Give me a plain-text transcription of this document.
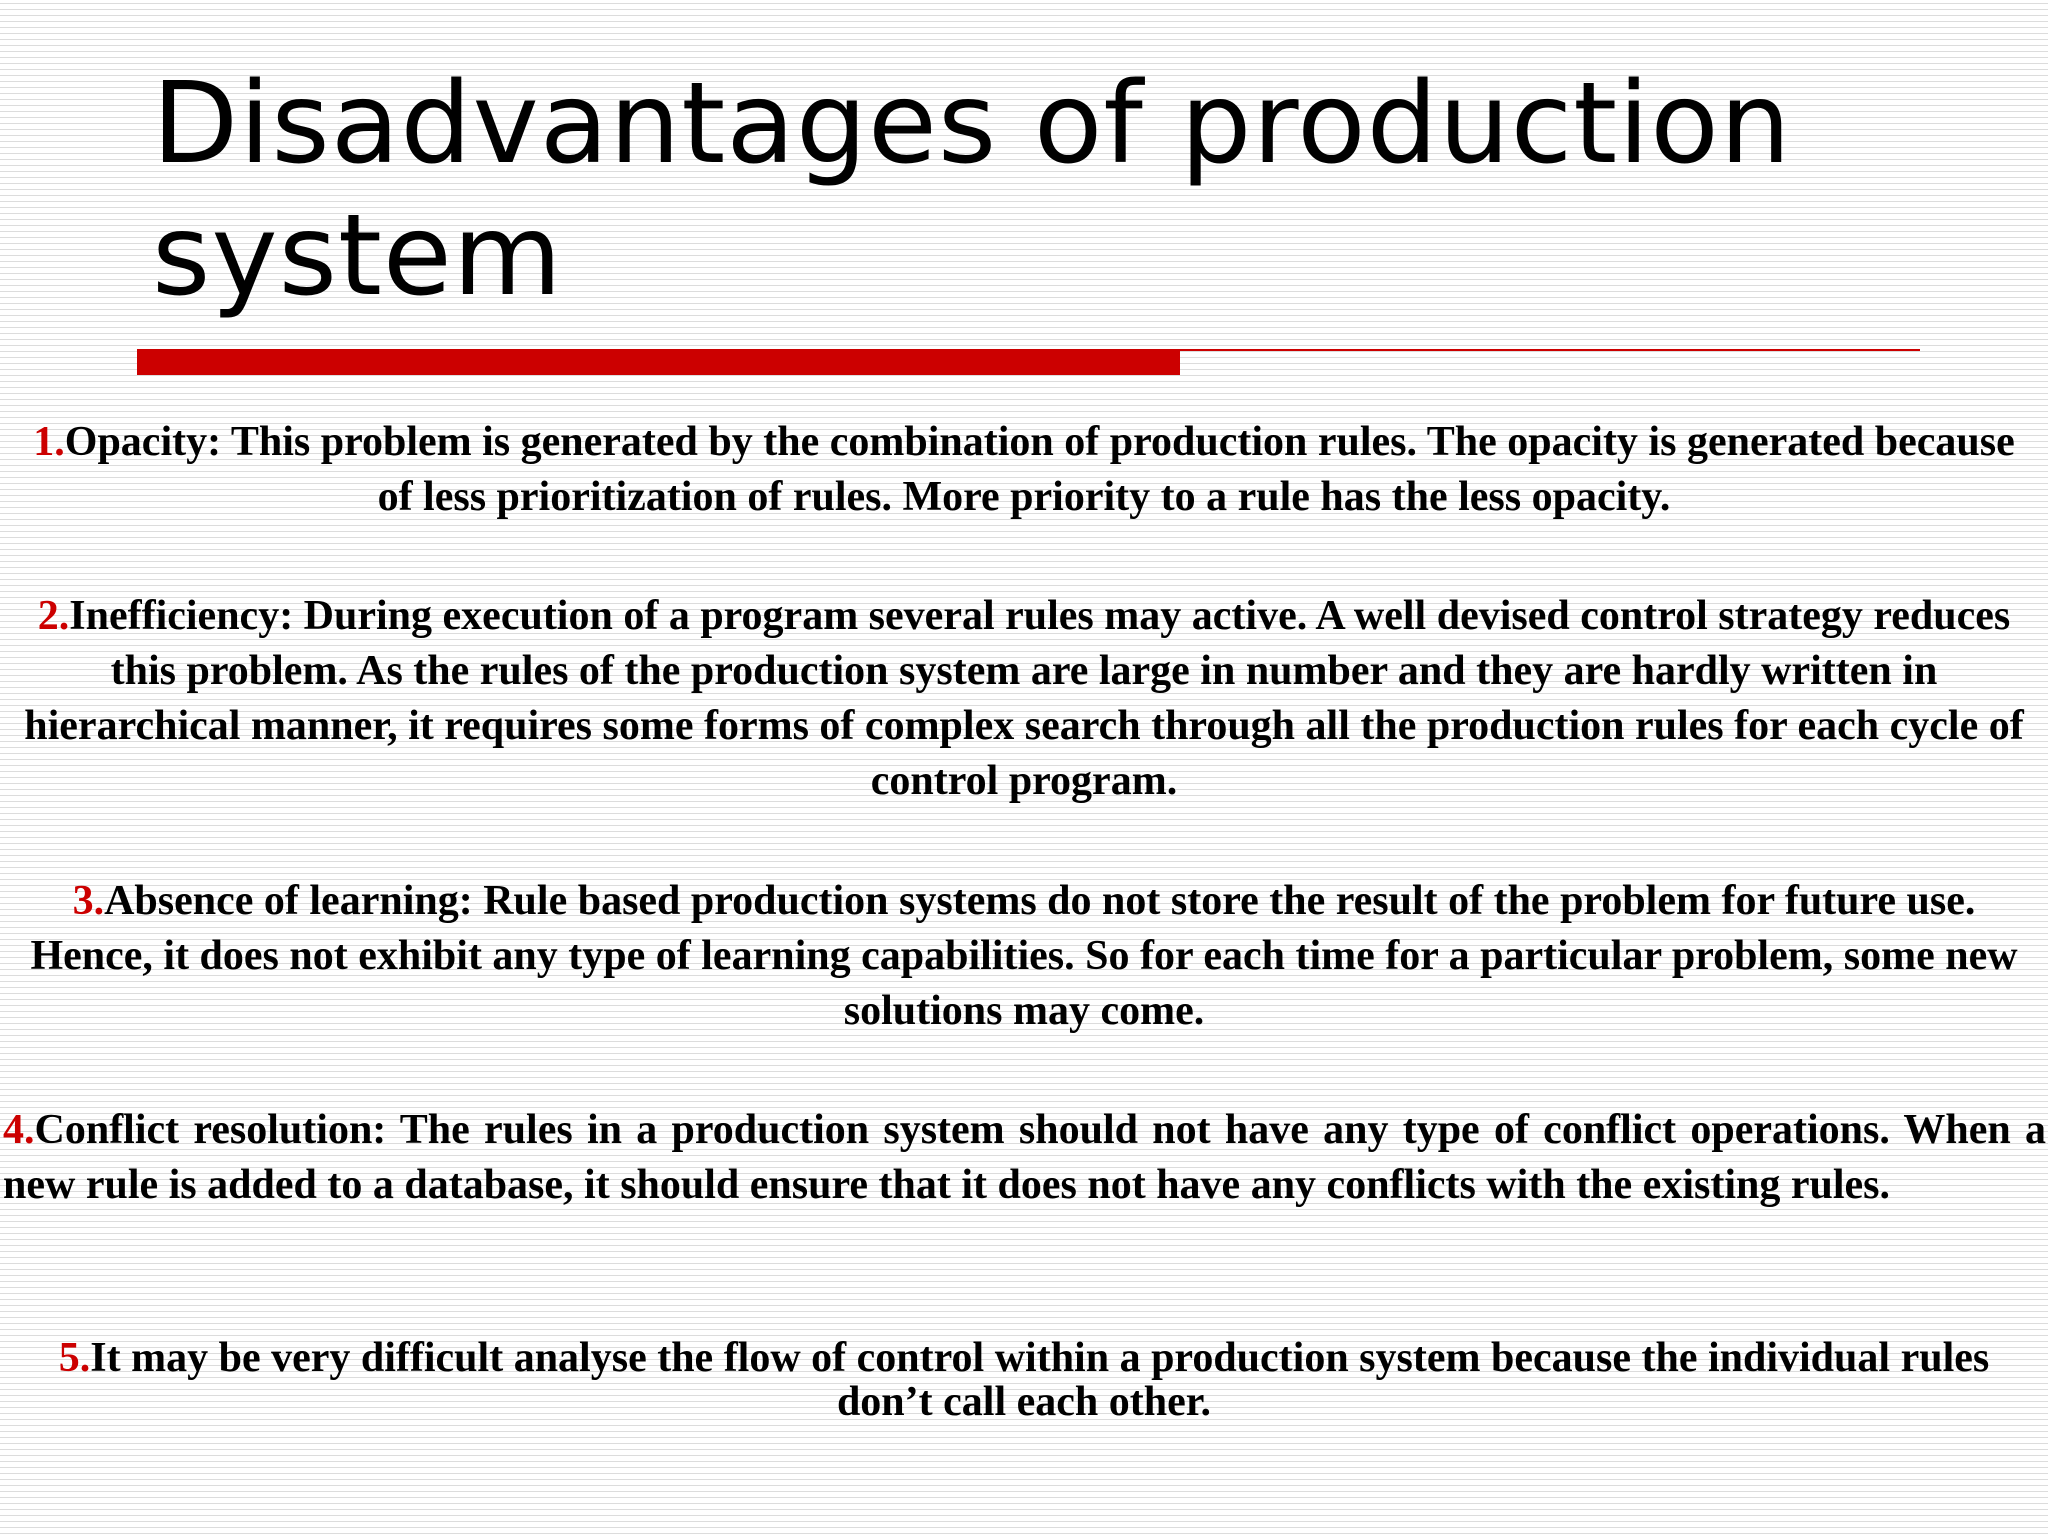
Disadvantages of production system

1.Opacity: This problem is generated by the combination of production rules. The opacity is generated because of less prioritization of rules. More priority to a rule has the less opacity.

2.Inefficiency: During execution of a program several rules may active. A well devised control strategy reduces this problem. As the rules of the production system are large in number and they are hardly written in hierarchical manner, it requires some forms of complex search through all the production rules for each cycle of control program.

3.Absence of learning: Rule based production systems do not store the result of the problem for future use. Hence, it does not exhibit any type of learning capabilities. So for each time for a particular problem, some new solutions may come.

4.Conflict resolution: The rules in a production system should not have any type of conflict operations. When a new rule is added to a database, it should ensure that it does not have any conflicts with the existing rules.

5.It may be very difficult analyse the flow of control within a production system because the individual rules don’t call each other.
